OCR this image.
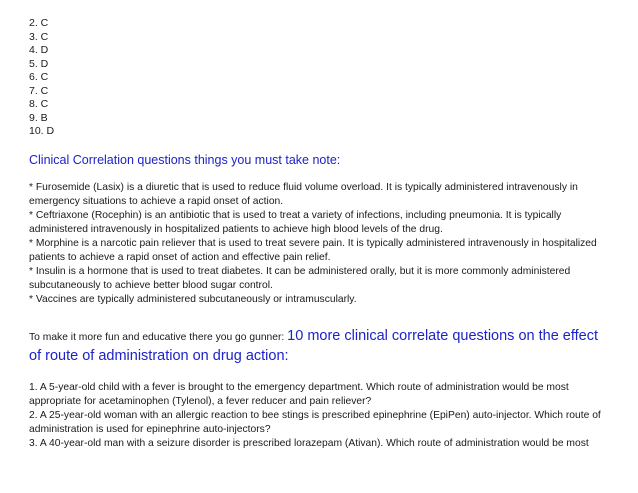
2. C
3. C
4. D
5. D
6. C
7. C
8. C
9. B
10. D
Clinical Correlation questions things you must take note:

* Furosemide (Lasix) is a diuretic that is used to reduce fluid volume overload. It is typically administered intravenously in emergency situations to achieve a rapid onset of action.

* Ceftriaxone (Rocephin) is an antibiotic that is used to treat a variety of infections, including pneumonia. It is typically administered intravenously in hospitalized patients to achieve high blood levels of the drug.

* Morphine is a narcotic pain reliever that is used to treat severe pain. It is typically administered intravenously in hospitalized patients to achieve a rapid onset of action and effective pain relief.

* Insulin is a hormone that is used to treat diabetes. It can be administered orally, but it is more commonly administered subcutaneously to achieve better blood sugar control.

* Vaccines are typically administered subcutaneously or intramuscularly.

To make it more fun and educative there you go gunner: 10 more clinical correlate questions on the effect of route of administration on drug action:
1. A 5-year-old child with a fever is brought to the emergency department. Which route of administration would be most appropriate for acetaminophen (Tylenol), a fever reducer and pain reliever?
2. A 25-year-old woman with an allergic reaction to bee stings is prescribed epinephrine (EpiPen) auto-injector. Which route of administration is used for epinephrine auto-injectors?
3. A 40-year-old man with a seizure disorder is prescribed lorazepam (Ativan). Which route of administration would be most
